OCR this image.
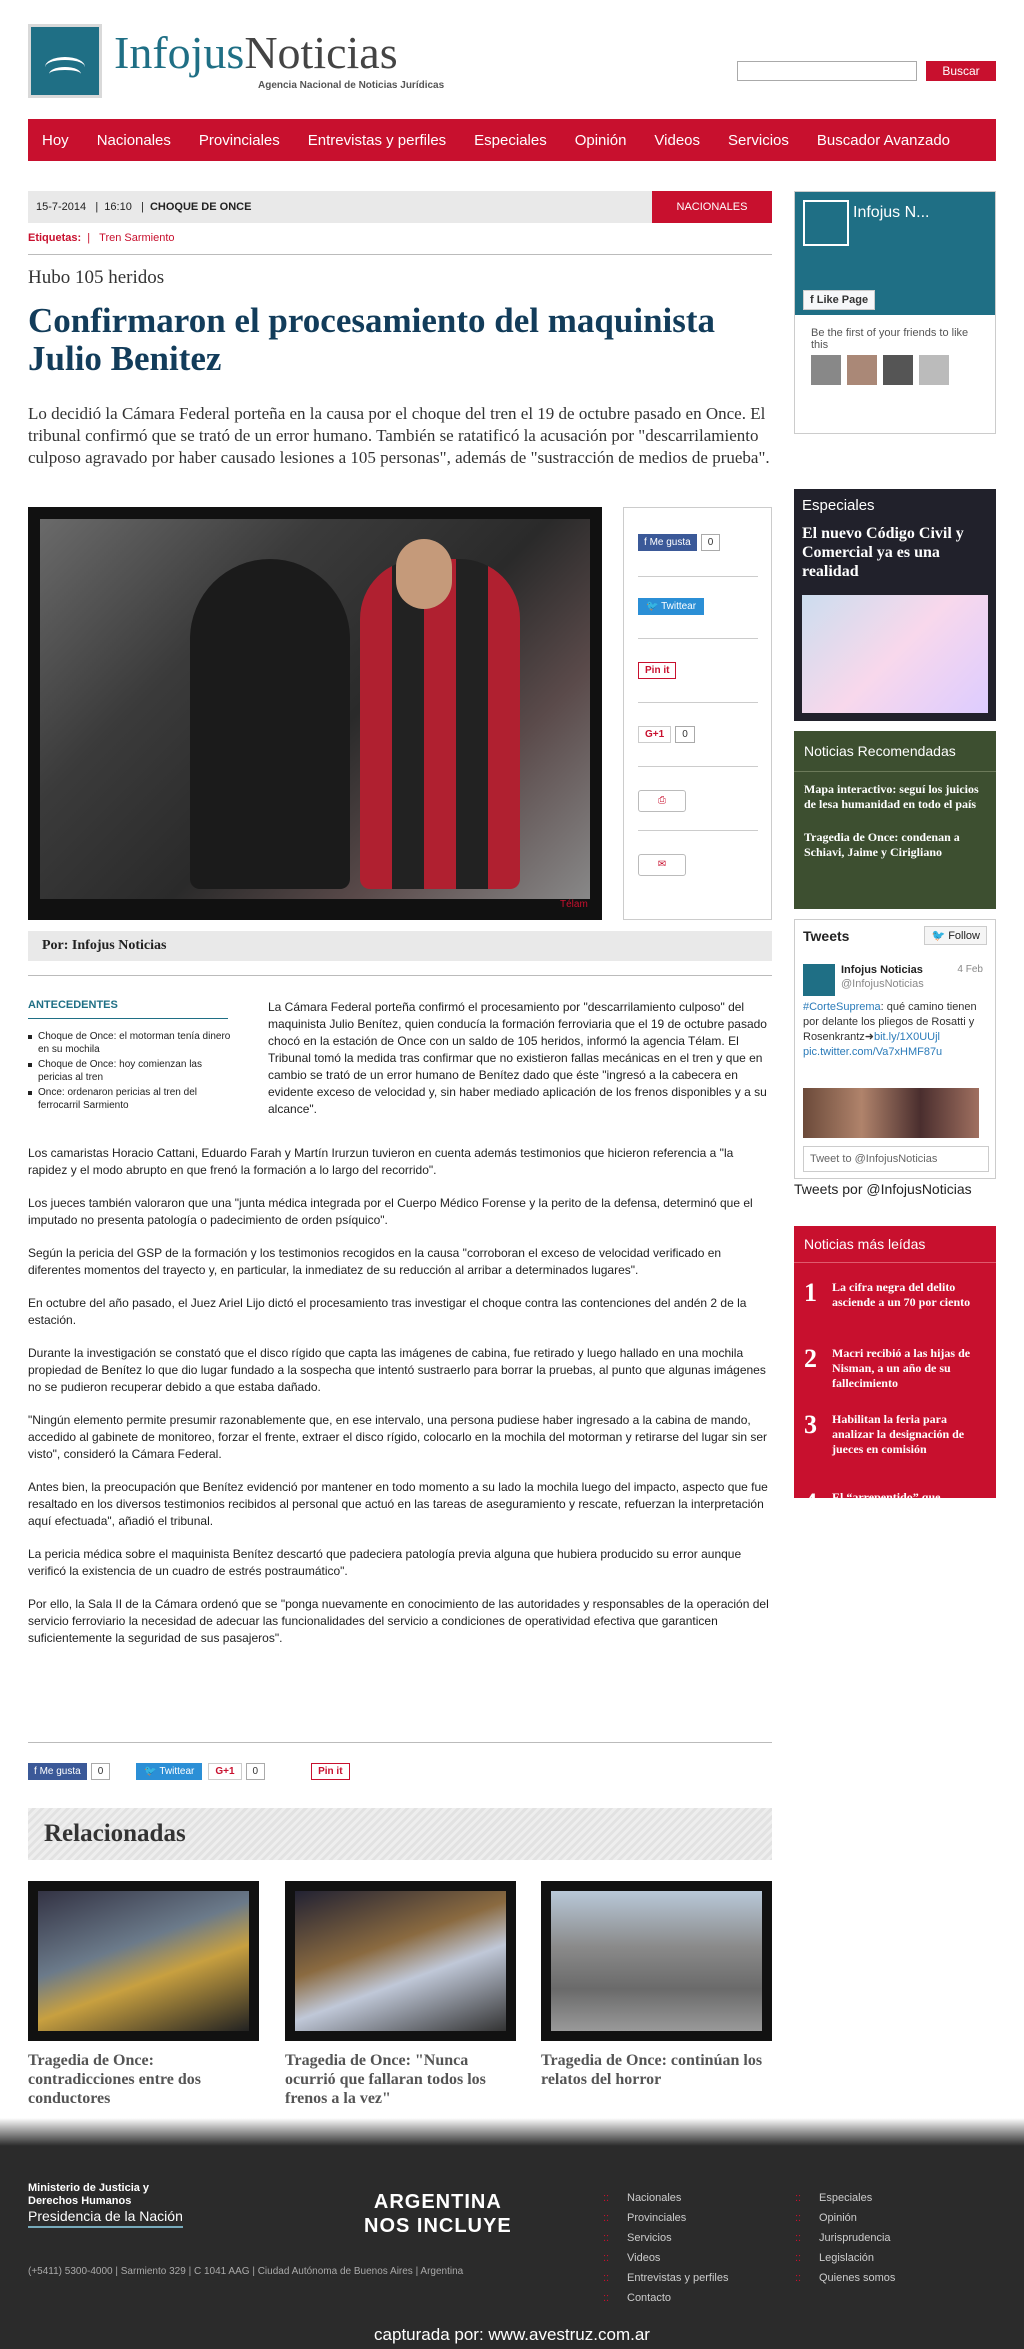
InfojusNoticias
Agencia Nacional de Noticias Jurídicas
Buscar
Hoy Nacionales Provinciales Entrevistas y perfiles Especiales Opinión Videos Servicios Buscador Avanzado
15-7-2014   |  16:10   |  CHOQUE DE ONCE	NACIONALES
Etiquetas:  |   Tren Sarmiento
Hubo 105 heridos
Confirmaron el procesamiento del maquinista Julio Benitez
Lo decidió la Cámara Federal porteña en la causa por el choque del tren el 19 de octubre pasado en Once. El tribunal confirmó que se trató de un error humano. También se ratatificó la acusación por "descarrilamiento culposo agravado por haber causado lesiones a 105 personas", además de "sustracción de medios de prueba".
Télam
f Me gusta 0
🐦 Twittear
Pin it
G+1 0
⎙
✉
Por: Infojus Noticias
ANTECEDENTES
Choque de Once: el motorman tenía dinero en su mochila
Choque de Once: hoy comienzan las pericias al tren
Once: ordenaron pericias al tren del ferrocarril Sarmiento
La Cámara Federal porteña confirmó el procesamiento por "descarrilamiento culposo" del maquinista Julio Benítez, quien conducía la formación ferroviaria que el 19 de octubre pasado chocó en la estación de Once con un saldo de 105 heridos, informó la agencia Télam. El Tribunal tomó la medida tras confirmar que no existieron fallas mecánicas en el tren y que en cambio se trató de un error humano de Benítez dado que éste "ingresó a la cabecera en evidente exceso de velocidad y, sin haber mediado aplicación de los frenos disponibles y a su alcance".

Los camaristas Horacio Cattani, Eduardo Farah y Martín Irurzun tuvieron en cuenta además testimonios que hicieron referencia a "la rapidez y el modo abrupto en que frenó la formación a lo largo del recorrido".

Los jueces también valoraron que una "junta médica integrada por el Cuerpo Médico Forense y la perito de la defensa, determinó que el imputado no presenta patología o padecimiento de orden psíquico".

Según la pericia del GSP de la formación y los testimonios recogidos en la causa "corroboran el exceso de velocidad verificado en diferentes momentos del trayecto y, en particular, la inmediatez de su reducción al arribar a determinados lugares".

En octubre del año pasado, el Juez Ariel Lijo dictó el procesamiento tras investigar el choque contra las contenciones del andén 2 de la estación.

Durante la investigación se constató que el disco rígido que capta las imágenes de cabina, fue retirado y luego hallado en una mochila propiedad de Benítez lo que dio lugar fundado a la sospecha que intentó sustraerlo para borrar la pruebas, al punto que algunas imágenes no se pudieron recuperar debido a que estaba dañado.

"Ningún elemento permite presumir razonablemente que, en ese intervalo, una persona pudiese haber ingresado a la cabina de mando, accedido al gabinete de monitoreo, forzar el frente, extraer el disco rígido, colocarlo en la mochila del motorman y retirarse del lugar sin ser visto", consideró la Cámara Federal.

Antes bien, la preocupación que Benítez evidenció por mantener en todo momento a su lado la mochila luego del impacto, aspecto que fue resaltado en los diversos testimonios recibidos al personal que actuó en las tareas de aseguramiento y rescate, refuerzan la interpretación aquí efectuada", añadió el tribunal.

La pericia médica sobre el maquinista Benítez descartó que padeciera patología previa alguna que hubiera producido su error aunque verificó la existencia de un cuadro de estrés postraumático".

Por ello, la Sala II de la Cámara ordenó que se "ponga nuevamente en conocimiento de las autoridades y responsables de la operación del servicio ferroviario la necesidad de adecuar las funcionalidades del servicio a condiciones de operatividad efectiva que garanticen suficientemente la seguridad de sus pasajeros".

f Me gusta 0	🐦 Twittear	G+1 0	Pin it
Relacionadas
Tragedia de Once: contradicciones entre dos conductores
Tragedia de Once: "Nunca ocurrió que fallaran todos los frenos a la vez"
Tragedia de Once: continúan los relatos del horror
Infojus N...
f Like Page
Be the first of your friends to like this
Especiales
El nuevo Código Civil y Comercial ya es una realidad
Noticias Recomendadas
Mapa interactivo: seguí los juicios de lesa humanidad en todo el país
Tragedia de Once: condenan a Schiavi, Jaime y Cirigliano
Tweets	🐦 Follow
Infojus Noticias
@InfojusNoticias
4 Feb
#CorteSuprema: qué camino tienen por delante los pliegos de Rosatti y Rosenkrantz➜bit.ly/1X0UUjl pic.twitter.com/Va7xHMF87u
Tweet to @InfojusNoticias
Tweets por @InfojusNoticias
Noticias más leídas
1 La cifra negra del delito asciende a un 70 por ciento
2 Macri recibió a las hijas de Nisman, a un año de su fallecimiento
3 Habilitan la feria para analizar la designación de jueces en comisión
4 El “arrepentido” que colabora contra el narcotráfico
Ministerio de Justicia y Derechos Humanos
Presidencia de la Nación
ARGENTINA
NOS INCLUYE
(+5411) 5300-4000 | Sarmiento 329 | C 1041 AAG | Ciudad Autónoma de Buenos Aires | Argentina
:: Nacionales
:: Provinciales
:: Servicios
:: Videos
:: Entrevistas y perfiles
:: Contacto
:: Especiales
:: Opinión
:: Jurisprudencia
:: Legislación
:: Quienes somos
capturada por: www.avestruz.com.ar
